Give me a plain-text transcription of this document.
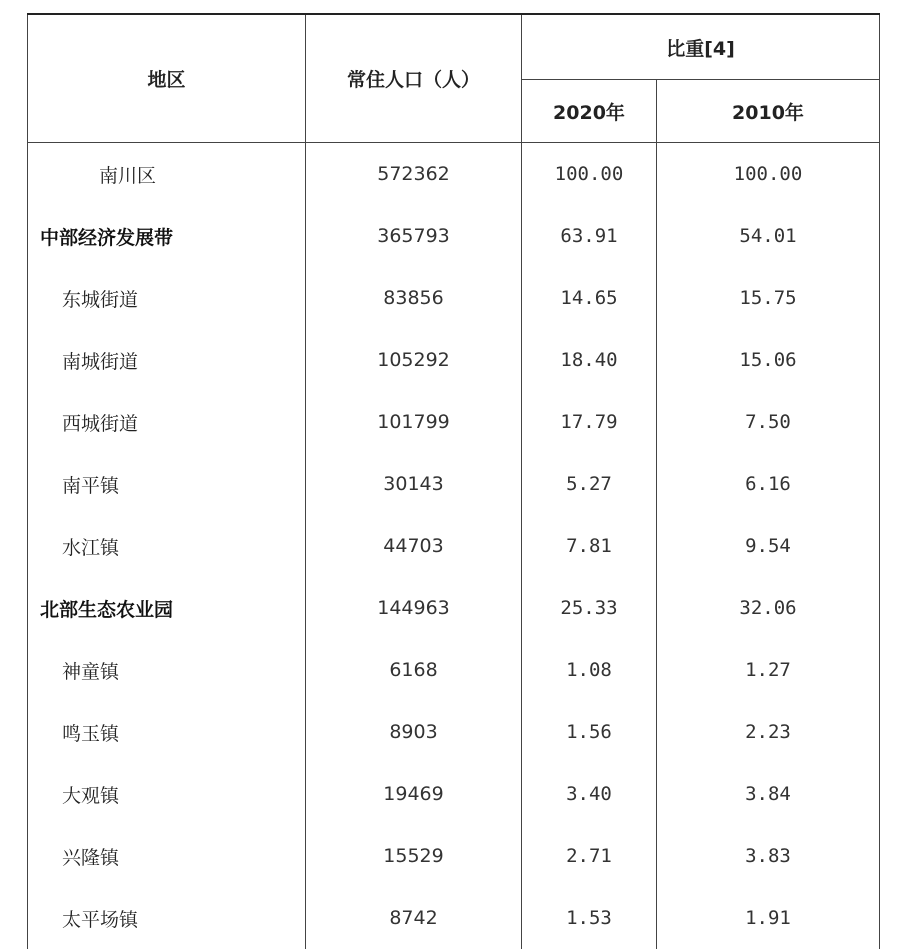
地区	常住人口（人）	比重[4]	
		2020年	2010年
南川区	572362	100.00	100.00
中部经济发展带	365793	63.91	54.01
东城街道	83856	14.65	15.75
南城街道	105292	18.40	15.06
西城街道	101799	17.79	7.50
南平镇	30143	5.27	6.16
水江镇	44703	7.81	9.54
北部生态农业园	144963	25.33	32.06
神童镇	6168	1.08	1.27
鸣玉镇	8903	1.56	2.23
大观镇	19469	3.40	3.84
兴隆镇	15529	2.71	3.83
太平场镇	8742	1.53	1.91
